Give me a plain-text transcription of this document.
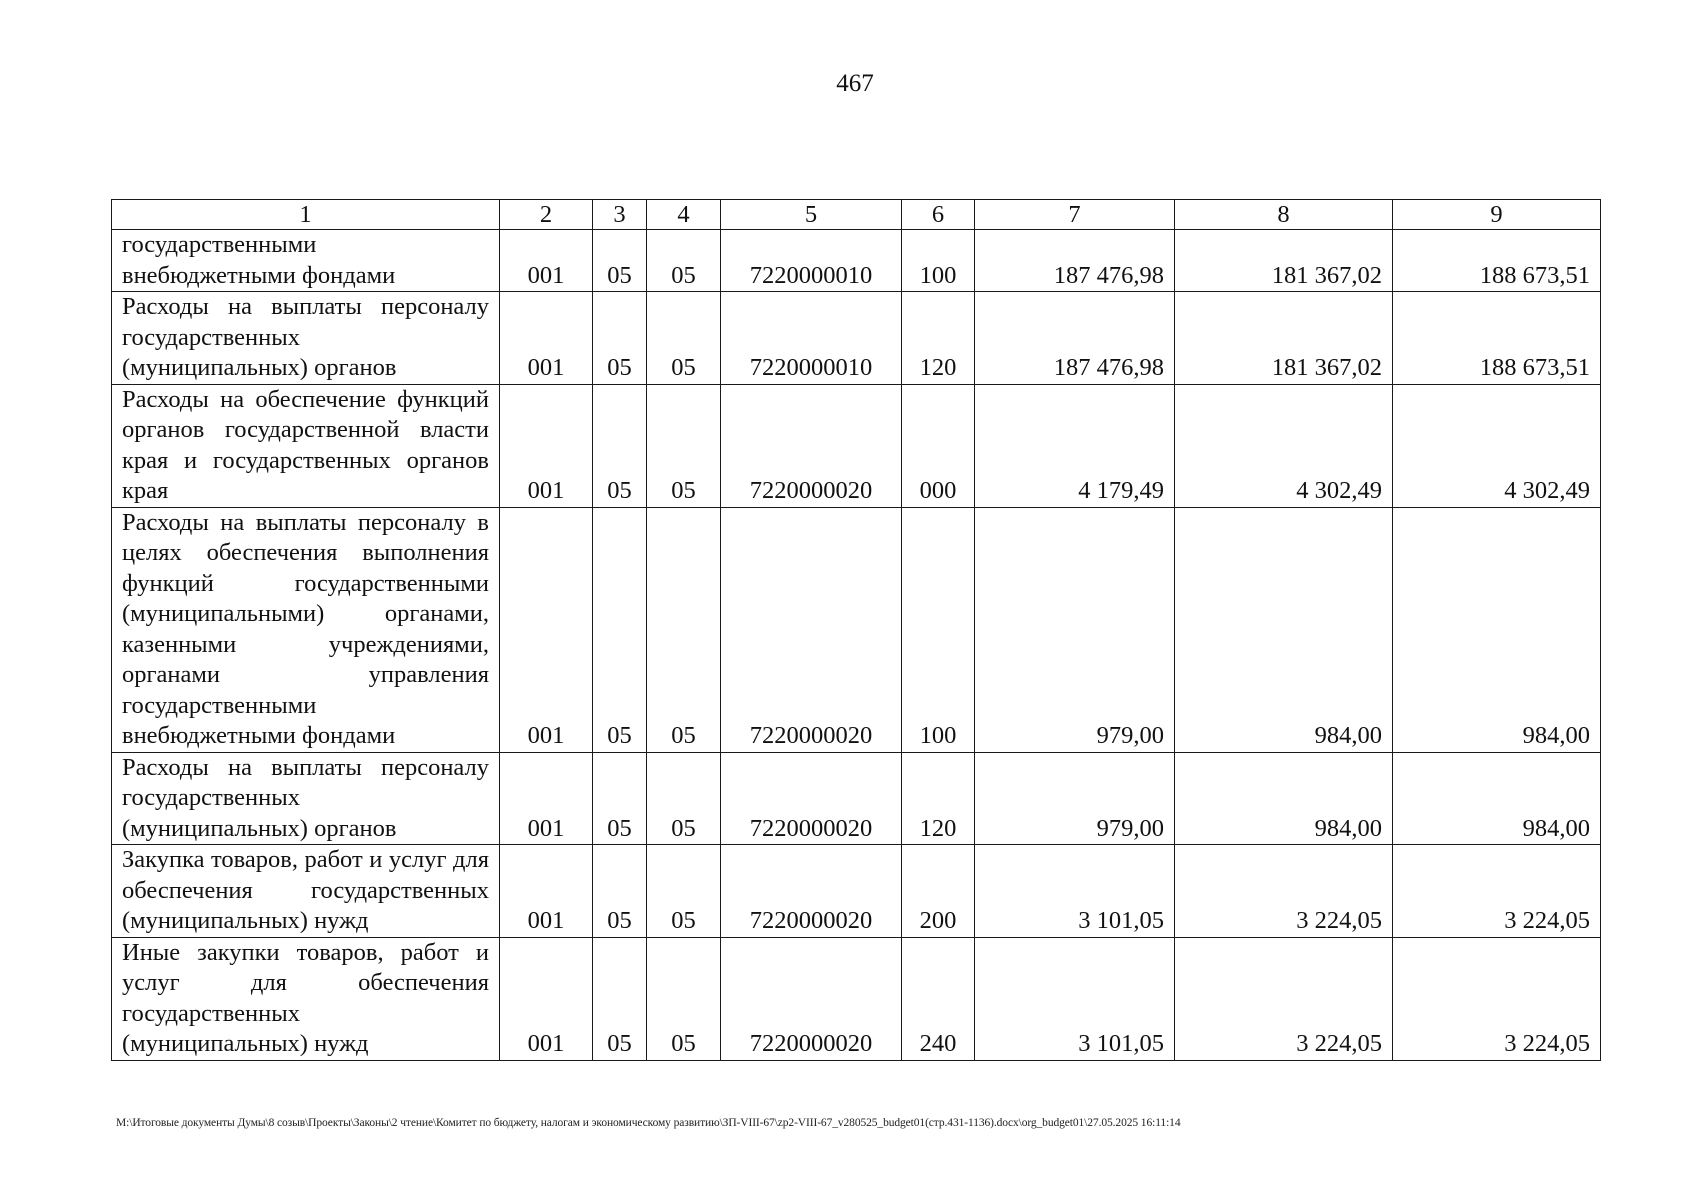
467
1	2	3	4	5	6	7	8	9
государственными внебюджетными фондами	001	05	05	7220000010	100	187 476,98	181 367,02	188 673,51
Расходы на выплаты персоналу государственных (муниципальных) органов	001	05	05	7220000010	120	187 476,98	181 367,02	188 673,51
Расходы на обеспечение функций органов государственной власти края и государственных органов края	001	05	05	7220000020	000	4 179,49	4 302,49	4 302,49
Расходы на выплаты персоналу в целях обеспечения выполнения функций государственными (муниципальными) органами, казенными учреждениями, органами управления государственными внебюджетными фондами	001	05	05	7220000020	100	979,00	984,00	984,00
Расходы на выплаты персоналу государственных (муниципальных) органов	001	05	05	7220000020	120	979,00	984,00	984,00
Закупка товаров, работ и услуг для обеспечения государственных (муниципальных) нужд	001	05	05	7220000020	200	3 101,05	3 224,05	3 224,05
Иные закупки товаров, работ и услуг для обеспечения государственных (муниципальных) нужд	001	05	05	7220000020	240	3 101,05	3 224,05	3 224,05
М:\Итоговые документы Думы\8 созыв\Проекты\Законы\2 чтение\Комитет по бюджету, налогам и экономическому развитию\ЗП-VIII-67\zp2-VIII-67_v280525_budget01(стр.431-1136).docx\org_budget01\27.05.2025 16:11:14
